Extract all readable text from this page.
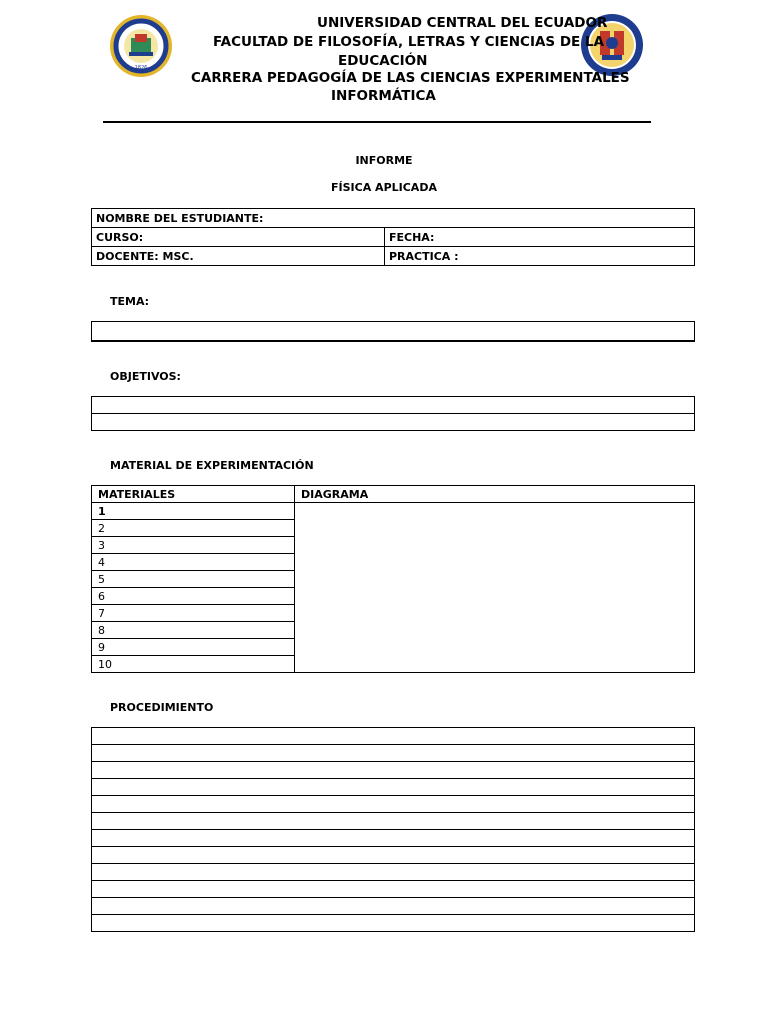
1826
UNIVERSIDAD CENTRAL DEL ECUADOR
FACULTAD DE FILOSOFÍA, LETRAS Y CIENCIAS DE LA
EDUCACIÓN
CARRERA PEDAGOGÍA DE LAS CIENCIAS EXPERIMENTALES
INFORMÁTICA
INFORME
FÍSICA APLICADA
NOMBRE DEL ESTUDIANTE:	
CURSO:	FECHA:
DOCENTE: MSC.	PRACTICA :
TEMA:
OBJETIVOS:

MATERIAL DE EXPERIMENTACIÓN
MATERIALES	DIAGRAMA
1	
2	
3	
4	
5	
6	
7	
8	
9	
10	
PROCEDIMIENTO
